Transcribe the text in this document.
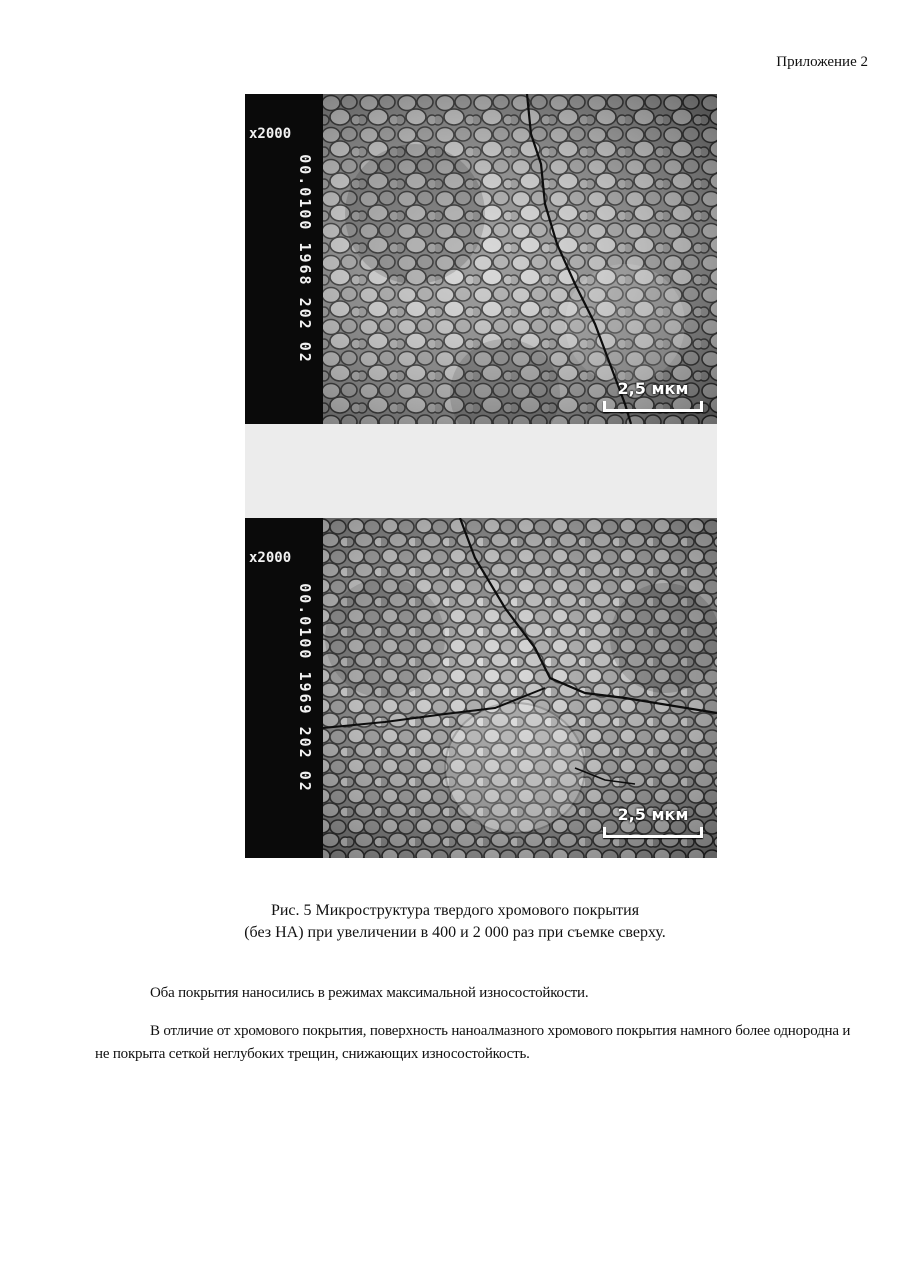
Приложение 2
x2000
00.0100 1968 202 02
2,5 мкм
x2000
00.0100 1969 202 02
2,5 мкм
Рис. 5 Микроструктура твердого хромового покрытия
(без НА) при увеличении в 400 и 2 000 раз при съемке сверху.
Оба покрытия наносились в режимах максимальной износостойкости.
В отличие от хромового покрытия, поверхность наноалмазного хромового покрытия намного более однородна и не покрыта сеткой неглубоких трещин, снижающих износостойкость.
